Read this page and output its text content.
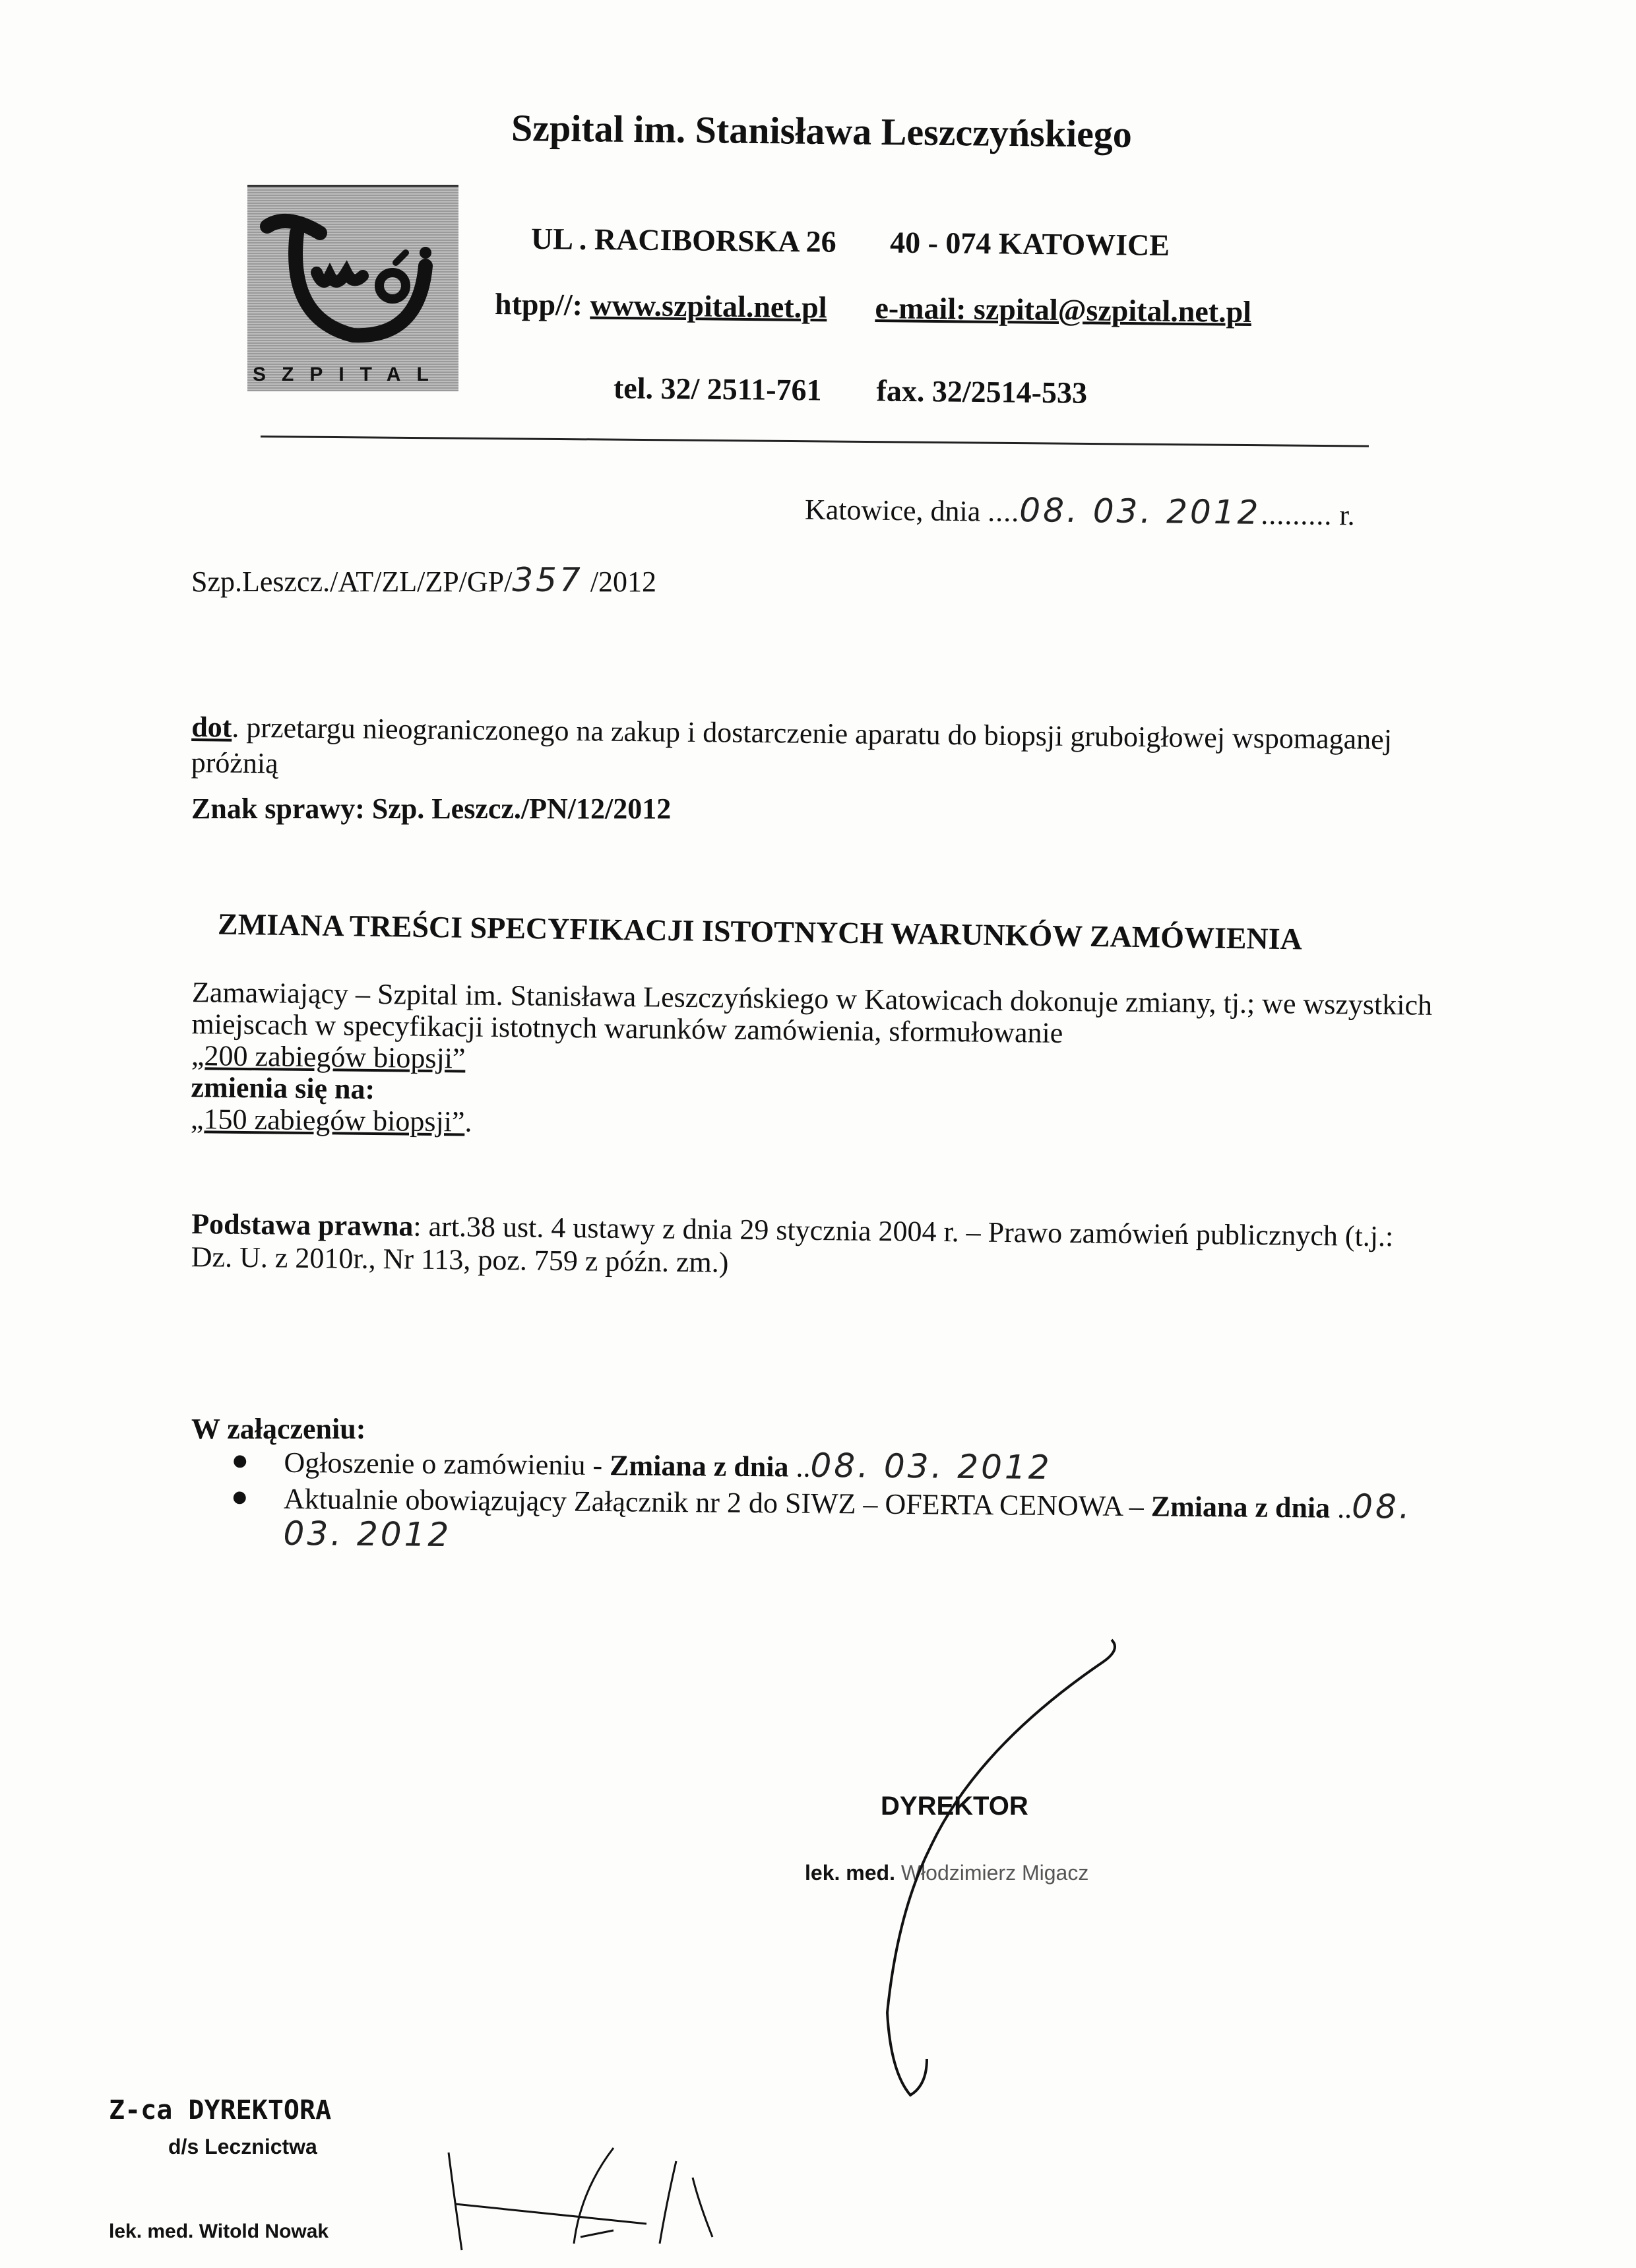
Szpital im. Stanisława Leszczyńskiego
SZPITAL
UL . RACIBORSKA 26 40 - 074 KATOWICE
htpp//: www.szpital.net.pl e-mail: szpital@szpital.net.pl
tel. 32/ 2511-761 fax. 32/2514-533
Katowice, dnia ....08. 03. 2012......... r.
Szp.Leszcz./AT/ZL/ZP/GP/357 /2012
dot. przetargu nieograniczonego na zakup i dostarczenie aparatu do biopsji gruboigłowej wspomaganej próżnią
Znak sprawy: Szp. Leszcz./PN/12/2012
ZMIANA TREŚCI SPECYFIKACJI ISTOTNYCH WARUNKÓW ZAMÓWIENIA
Zamawiający – Szpital im. Stanisława Leszczyńskiego w Katowicach dokonuje zmiany, tj.; we wszystkich miejscach w specyfikacji istotnych warunków zamówienia, sformułowanie
„200 zabiegów biopsji”
zmienia się na:
„150 zabiegów biopsji”.
Podstawa prawna: art.38 ust. 4 ustawy z dnia 29 stycznia 2004 r. – Prawo zamówień publicznych (t.j.: Dz. U. z 2010r., Nr 113, poz. 759 z późn. zm.)
W załączeniu:
● Ogłoszenie o zamówieniu - Zmiana z dnia ..08. 03. 2012
● Aktualnie obowiązujący Załącznik nr 2 do SIWZ – OFERTA CENOWA – Zmiana z dnia ..08. 03. 2012
DYREKTOR
lek. med. Włodzimierz Migacz
Z-ca DYREKTORA
d/s Lecznictwa
lek. med. Witold Nowak
